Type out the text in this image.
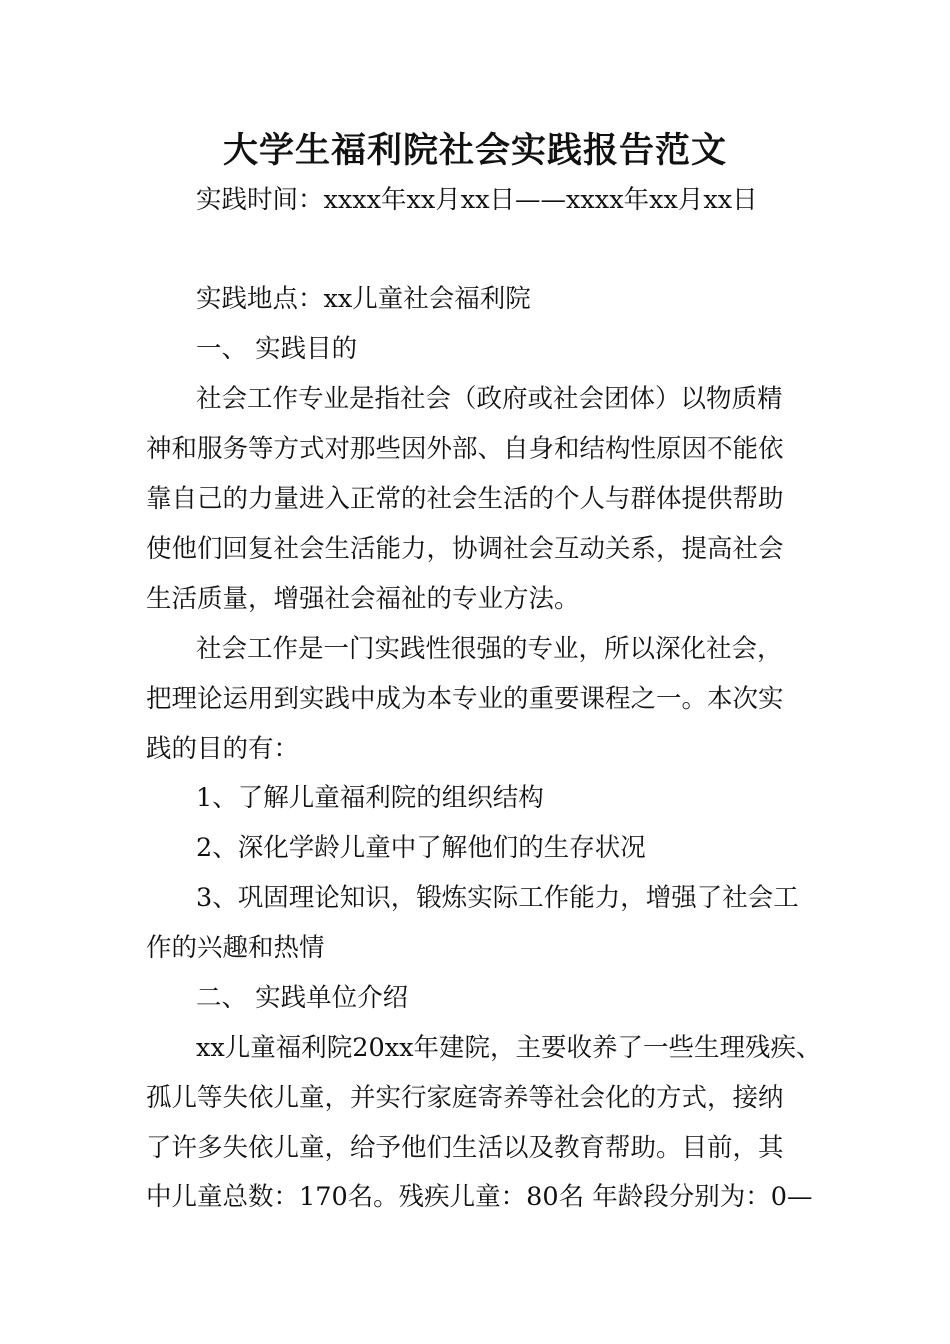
大学生福利院社会实践报告范文
实践时间：xxxx年xx月xx日——xxxx年xx月xx日
实践地点：xx儿童社会福利院
一、 实践目的
社会工作专业是指社会（政府或社会团体）以物质精
神和服务等方式对那些因外部、自身和结构性原因不能依
靠自己的力量进入正常的社会生活的个人与群体提供帮助
使他们回复社会生活能力，协调社会互动关系，提高社会
生活质量，增强社会福祉的专业方法。
社会工作是一门实践性很强的专业，所以深化社会，
把理论运用到实践中成为本专业的重要课程之一。本次实
践的目的有：
1、了解儿童福利院的组织结构
2、深化学龄儿童中了解他们的生存状况
3、巩固理论知识，锻炼实际工作能力，增强了社会工
作的兴趣和热情
二、 实践单位介绍
xx儿童福利院20xx年建院，主要收养了一些生理残疾、
孤儿等失依儿童，并实行家庭寄养等社会化的方式，接纳
了许多失依儿童，给予他们生活以及教育帮助。目前，其
中儿童总数：170名。残疾儿童：80名 年龄段分别为：0—
